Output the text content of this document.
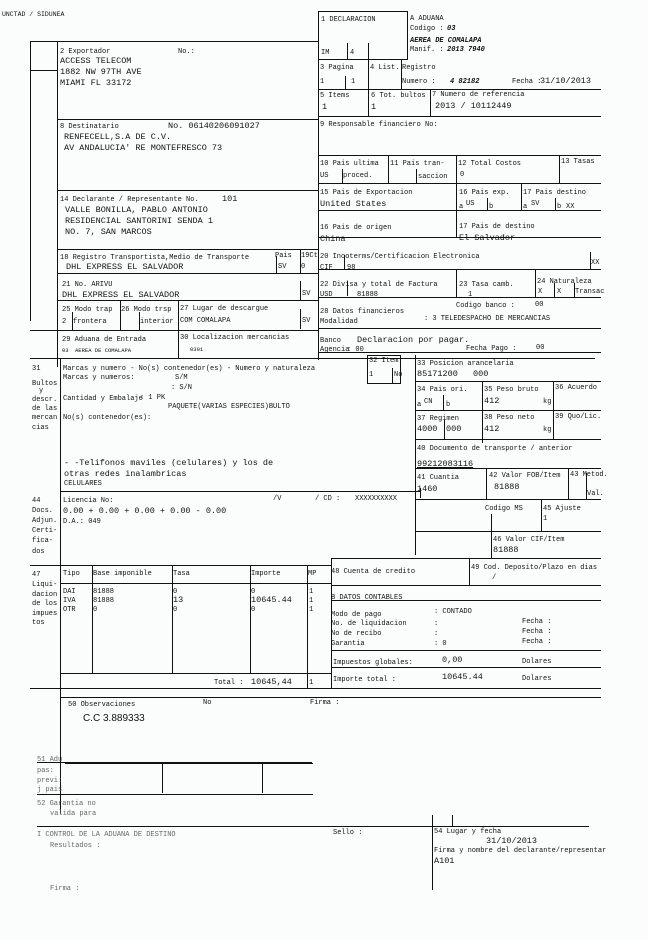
UNCTAD / SIDUNEA
1 DECLARACION
IM	4
A ADUANA
Codigo : 03
AEREA DE COMALAPA
Manif. : 2013 7940
2 Exportador	No.:
ACCESS TELECOM
1882 NW 97TH AVE
MIAMI FL 33172
3 Pagina
1	1
4 List. Registro
Numero : 4 82182	Fecha :
31/10/2013
5 Items
1
6 Tot. bultos
1
7 Numero de referencia
2013 / 10112449
8 Destinatario	No. 06140206091027
RENFECELL,S.A DE C.V.
AV ANDALUCIA' RE MONTEFRESCO 73
9 Responsable financiero No:
10 Pais ultima
US proced.
11 Pais tran-
saccion
12 Total Costos
0
13 Tasas
14 Declarante / Representante No.	101
VALLE BONILLA, PABLO ANTONIO
RESIDENCIAL SANTORINI SENDA 1
NO. 7, SAN MARCOS
15 Pais de Exportacion
United States
16 Pais exp.
a US b
17 Pais destino
a SV	b XX
16 Pais de origen
China
17 Pais de destino
El Salvador
18 Registro Transportista,Medio de Transporte
DHL EXPRESS EL SALVADOR
Pais
SV
19Ct
0
20 Incoterms/Certificacion Electronica
CIF 98
XX
21 No. ARIVU
DHL EXPRESS EL SALVADOR	SV
22 Divisa y total de Factura
USD	81888
23 Tasa camb.
1
24 Naturaleza
X X Transac
25 Modo trap
2 frontera
26 Modo trsp
interior
27 Lugar de descargue
COM COMALAPA	SV
28 Datos financieros
Codigo banco :	00
Modalidad	: 3 TELEDESPACHO DE MERCANCIAS
29 Aduana de Entrada
03 AEREA DE COMALAPA
30 Localizacion mercancias
0301
Banco Declaracion por pagar.
Agencia
: 00	Fecha Pago :	00
31
Bultos
y
descr.
de las
mercan
cias
Marcas y numero - No(s) contenedor(es) - Numero y naturaleza
Marcas y numeros:	S/M
: S/N
Cantidad y Embalaje
: 1 PK
PAQUETE(VARIAS ESPECIES)BULTO
No(s) contenedor(es):
- -Telifonos maviles (celulares) y los de
otras redes inalambricas
CELULARES
32 Item
1	No
33 Posicion arancelaria
85171200 000
34 Pais ori.
a CN b
35 Peso bruto
412	kg
36 Acuerdo
37 Regimen
4000 000
38 Peso neto
412	kg
39 Quo/Lic.
40 Documento de transporte / anterior
99212083116
41 Cuantia
1460
42 Valor FOB/Item
81888
43 Metod.
Val.
Codigo MS	45 Ajuste
1
46 Valor CIF/Item
81888
44
Docs.
Adjun.
Certi-
fica-
dos
Licencia No:	/V	/ CD : XXXXXXXXXX
0.00 + 0.00 + 0.00 + 0.00 - 0.00
D.A.: 049
47
Liqui-
dacion
de los
impues
tos
Tipo Base imponible	Tasa	Importe	MP
DAI 81888	0	0	1
IVA 81888	13	10645.44 1
OTR 0	0	0	1
Total : 10645,44 1
48 Cuenta de credito	49 Cod. Deposito/Plazo en dias
/
B DATOS CONTABLES
Modo de pago	: CONTADO
No. de liquidacion	:
No de recibo	:
Garantia	: 0
Fecha :
Fecha :
Fecha :
Impuestos globales:	0,00	Dolares
Importe total :	10645.44	Dolares
50 Observaciones	No	Firma :
C.C 3.889333
51 Adu
pas:
previ:
j pais
52 Garantia no
valida para
I CONTROL DE LA ADUANA DE DESTINO
Resultados :
Sello :
Firma :
54 Lugar y fecha
31/10/2013
Firma y nombre del declarante/representar
A101
